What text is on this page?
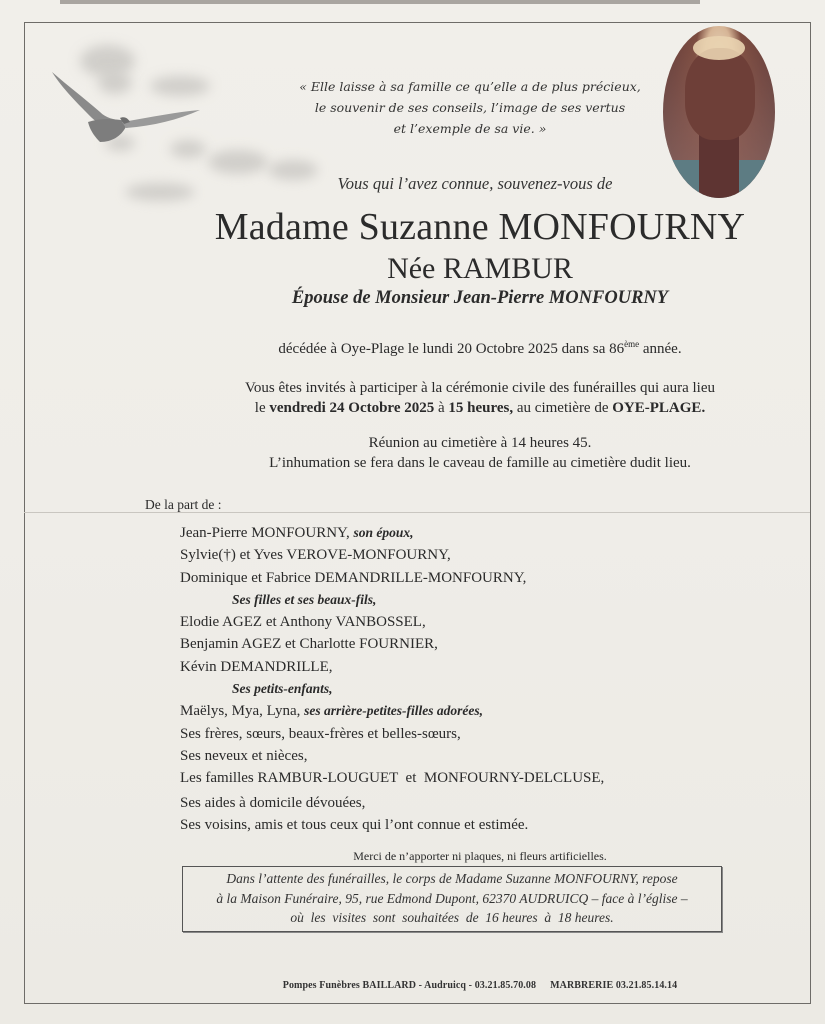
« Elle laisse à sa famille ce qu’elle a de plus précieux,
le souvenir de ses conseils, l’image de ses vertus
et l’exemple de sa vie. »
Vous qui l’avez connue, souvenez-vous de
Madame Suzanne MONFOURNY
Née RAMBUR
Épouse de Monsieur Jean-Pierre MONFOURNY
décédée à Oye-Plage le lundi 20 Octobre 2025 dans sa 86ème année.
Vous êtes invités à participer à la cérémonie civile des funérailles qui aura lieu
le vendredi 24 Octobre 2025 à 15 heures, au cimetière de OYE-PLAGE.
Réunion au cimetière à 14 heures 45.
L’inhumation se fera dans le caveau de famille au cimetière dudit lieu.
De la part de :
Jean-Pierre MONFOURNY, son époux,
Sylvie(†) et Yves VEROVE-MONFOURNY,
Dominique et Fabrice DEMANDRILLE-MONFOURNY,
Ses filles et ses beaux-fils,
Elodie AGEZ et Anthony VANBOSSEL,
Benjamin AGEZ et Charlotte FOURNIER,
Kévin DEMANDRILLE,
Ses petits-enfants,
Maëlys, Mya, Lyna, ses arrière-petites-filles adorées,
Ses frères, sœurs, beaux-frères et belles-sœurs,
Ses neveux et nièces,
Les familles RAMBUR-LOUGUET  et  MONFOURNY-DELCLUSE,
Ses aides à domicile dévouées,
Ses voisins, amis et tous ceux qui l’ont connue et estimée.
Merci de n’apporter ni plaques, ni fleurs artificielles.
Dans l’attente des funérailles, le corps de Madame Suzanne MONFOURNY, repose
à la Maison Funéraire, 95, rue Edmond Dupont, 62370 AUDRUICQ – face à l’église –
où  les  visites  sont  souhaitées  de  16 heures  à  18 heures.
Pompes Funèbres BAILLARD - Audruicq - 03.21.85.70.08 MARBRERIE 03.21.85.14.14
